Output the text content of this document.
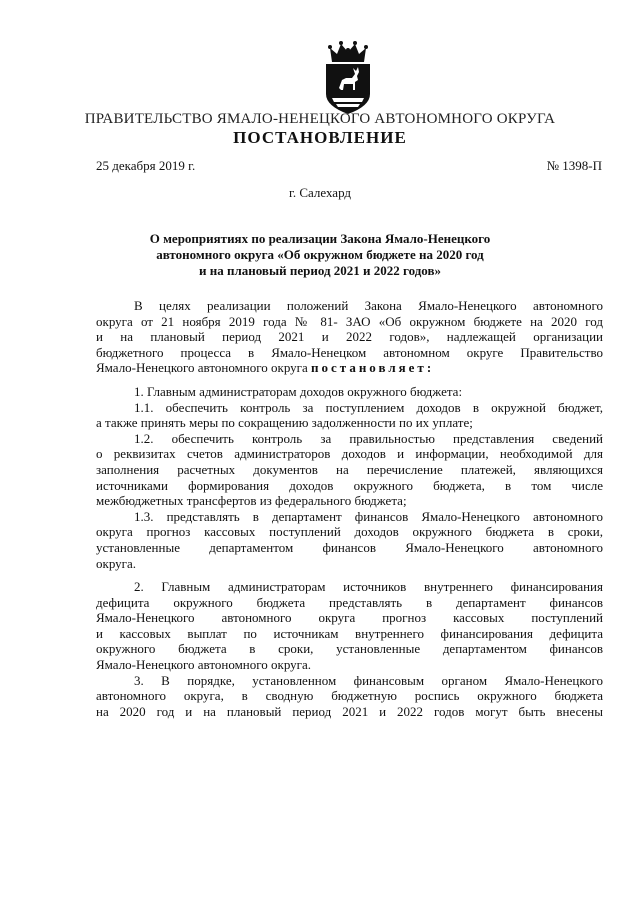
ПРАВИТЕЛЬСТВО ЯМАЛО-НЕНЕЦКОГО АВТОНОМНОГО ОКРУГА
ПОСТАНОВЛЕНИЕ
25 декабря 2019 г.	№ 1398-П
г. Салехард
О мероприятиях по реализации Закона Ямало-Ненецкого
автономного округа «Об окружном бюджете на 2020 год
и на плановый период 2021 и 2022 годов»
В целях реализации положений Закона Ямало-Ненецкого автономного
округа от 21 ноября 2019 года № 81- ЗАО «Об окружном бюджете на 2020 год
и на плановый период 2021 и 2022 годов», надлежащей организации
бюджетного процесса в Ямало-Ненецком автономном округе Правительство
Ямало-Ненецкого автономного округа постановляет:
1. Главным администраторам доходов окружного бюджета:
1.1. обеспечить контроль за поступлением доходов в окружной бюджет,
а также принять меры по сокращению задолженности по их уплате;
1.2. обеспечить контроль за правильностью представления сведений
о реквизитах счетов администраторов доходов и информации, необходимой для
заполнения расчетных документов на перечисление платежей, являющихся
источниками формирования доходов окружного бюджета, в том числе
межбюджетных трансфертов из федерального бюджета;
1.3. представлять в департамент финансов Ямало-Ненецкого автономного
округа прогноз кассовых поступлений доходов окружного бюджета в сроки,
установленные департаментом финансов Ямало-Ненецкого автономного
округа.
2. Главным администраторам источников внутреннего финансирования
дефицита окружного бюджета представлять в департамент финансов
Ямало-Ненецкого автономного округа прогноз кассовых поступлений
и кассовых выплат по источникам внутреннего финансирования дефицита
окружного бюджета в сроки, установленные департаментом финансов
Ямало-Ненецкого автономного округа.
3. В порядке, установленном финансовым органом Ямало-Ненецкого
автономного округа, в сводную бюджетную роспись окружного бюджета
на 2020 год и на плановый период 2021 и 2022 годов могут быть внесены
